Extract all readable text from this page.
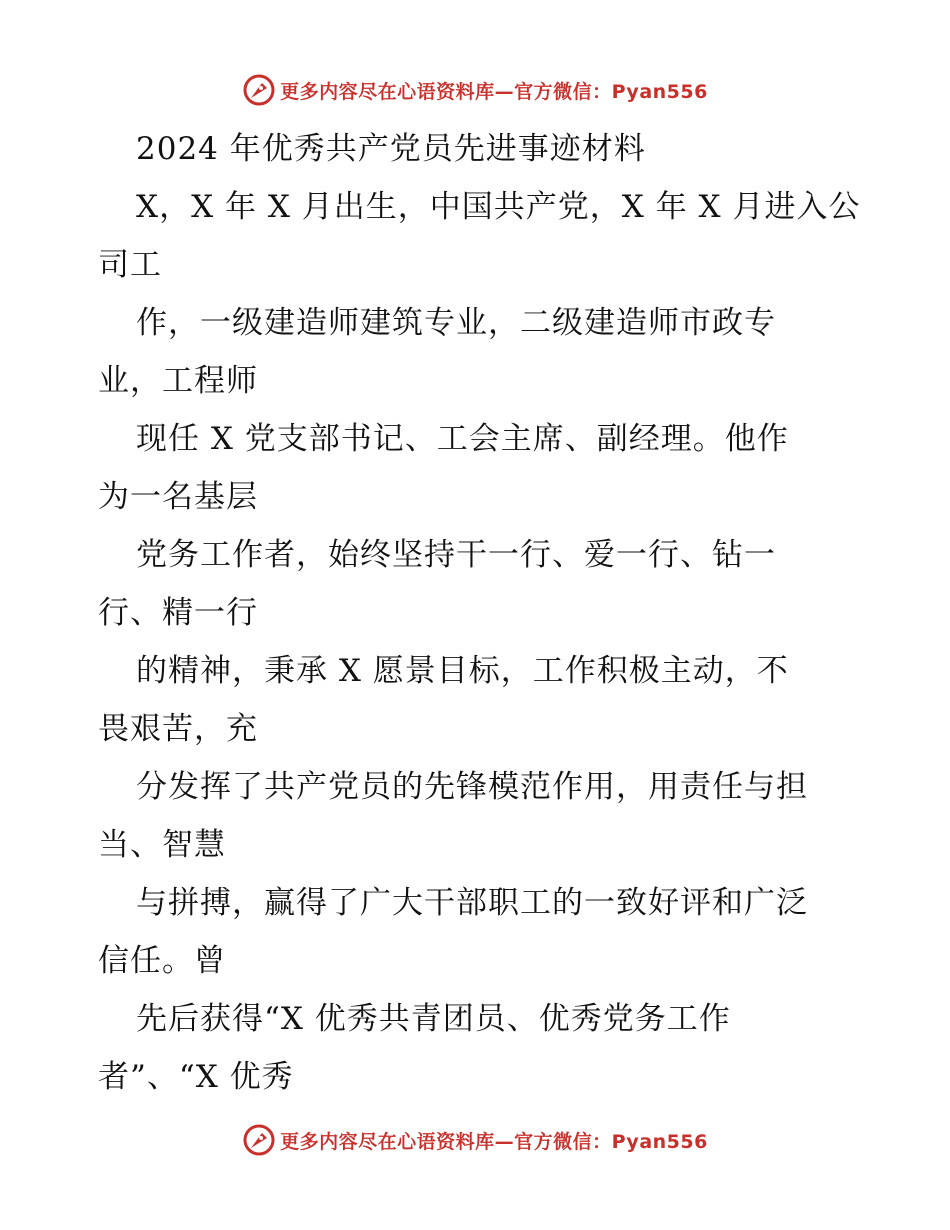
更多内容尽在心语资料库—官方微信：Pyan556
2024 年优秀共产党员先进事迹材料
X，X 年 X 月出生，中国共产党，X 年 X 月进入公
司工
作，一级建造师建筑专业，二级建造师市政专
业，工程师
现任 X 党支部书记、工会主席、副经理。他作
为一名基层
党务工作者，始终坚持干一行、爱一行、钻一
行、精一行
的精神，秉承 X 愿景目标，工作积极主动，不
畏艰苦，充
分发挥了共产党员的先锋模范作用，用责任与担
当、智慧
与拼搏，赢得了广大干部职工的一致好评和广泛
信任。曾
先后获得“X 优秀共青团员、优秀党务工作
者”、“X 优秀
更多内容尽在心语资料库—官方微信：Pyan556
